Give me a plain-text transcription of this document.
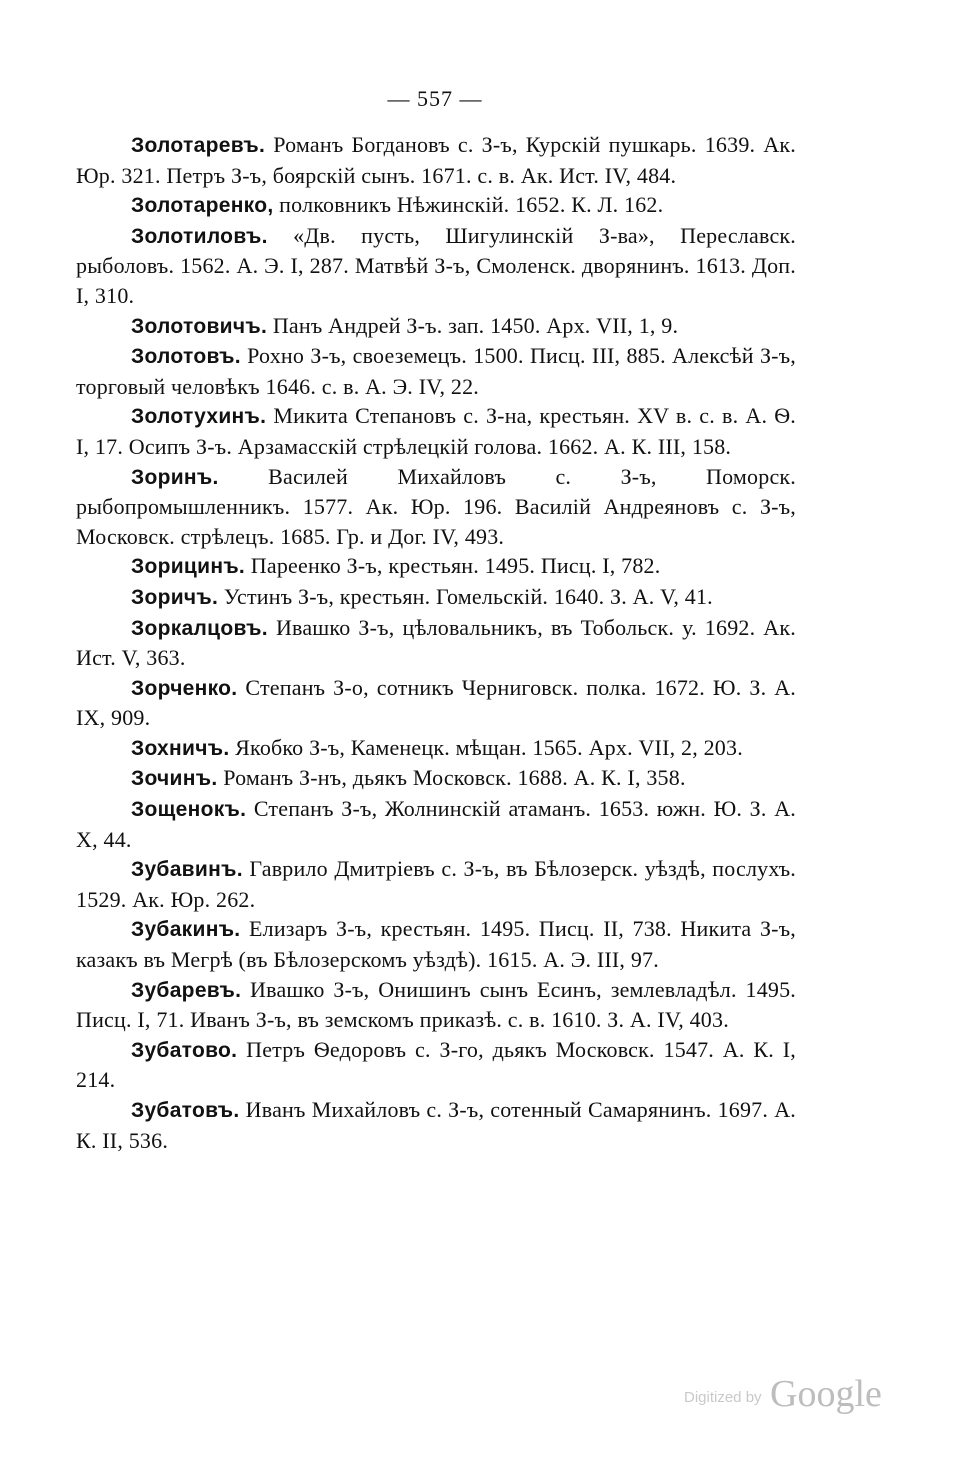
— 557 —

Золотаревъ. Романъ Богдановъ с. З-ъ, Курскій пушкарь. 1639. Ак. Юр. 321. Петръ З-ъ, боярскій сынъ. 1671. с. в. Ак. Ист. IV, 484.

Золотаренко, полковникъ Нѣжинскій. 1652. К. Л. 162.

Золотиловъ. «Дв. пусть, Шигулинскій З-ва», Переславск. рыболовъ. 1562. А. Э. I, 287. Матвѣй З-ъ, Смоленск. дворянинъ. 1613. Доп. I, 310.

Золотовичъ. Панъ Андрей З-ъ. зап. 1450. Арх. VII, 1, 9.

Золотовъ. Рохно З-ъ, своеземецъ. 1500. Писц. III, 885. Алексѣй З-ъ, торговый человѣкъ 1646. с. в. А. Э. IV, 22.

Золотухинъ. Микита Степановъ с. З-на, крестьян. XV в. с. в. А. Ѳ. I, 17. Осипъ З-ъ. Арзамасскій стрѣлецкій голова. 1662. А. К. III, 158.

Зоринъ. Василей Михайловъ с. З-ъ, Поморск. рыбопромышленникъ. 1577. Ак. Юр. 196. Василій Андреяновъ с. З-ъ, Московск. стрѣлецъ. 1685. Гр. и Дог. IV, 493.

Зорицинъ. Пареенко З-ъ, крестьян. 1495. Писц. I, 782.

Зоричъ. Устинъ З-ъ, крестьян. Гомельскій. 1640. З. А. V, 41.

Зоркалцовъ. Ивашко З-ъ, цѣловальникъ, въ Тобольск. у. 1692. Ак. Ист. V, 363.

Зорченко. Степанъ З-о, сотникъ Черниговск. полка. 1672. Ю. З. А. IX, 909.

Зохничъ. Якобко З-ъ, Каменецк. мѣщан. 1565. Арх. VII, 2, 203.

Зочинъ. Романъ З-нъ, дьякъ Московск. 1688. А. К. I, 358.

Зощенокъ. Степанъ З-ъ, Жолнинскій атаманъ. 1653. южн. Ю. З. А. X, 44.

Зубавинъ. Гаврило Дмитріевъ с. З-ъ, въ Бѣлозерск. уѣздѣ, послухъ. 1529. Ак. Юр. 262.

Зубакинъ. Елизаръ З-ъ, крестьян. 1495. Писц. II, 738. Никита З-ъ, казакъ въ Мегрѣ (въ Бѣлозерскомъ уѣздѣ). 1615. А. Э. III, 97.

Зубаревъ. Ивашко З-ъ, Онишинъ сынъ Есинъ, землевладѣл. 1495. Писц. I, 71. Иванъ З-ъ, въ земскомъ приказѣ. с. в. 1610. З. А. IV, 403.

Зубатово. Петръ Ѳедоровъ с. З-го, дьякъ Московск. 1547. А. К. I, 214.

Зубатовъ. Иванъ Михайловъ с. З-ъ, сотенный Самарянинъ. 1697. А. К. II, 536.

Digitized by Google
